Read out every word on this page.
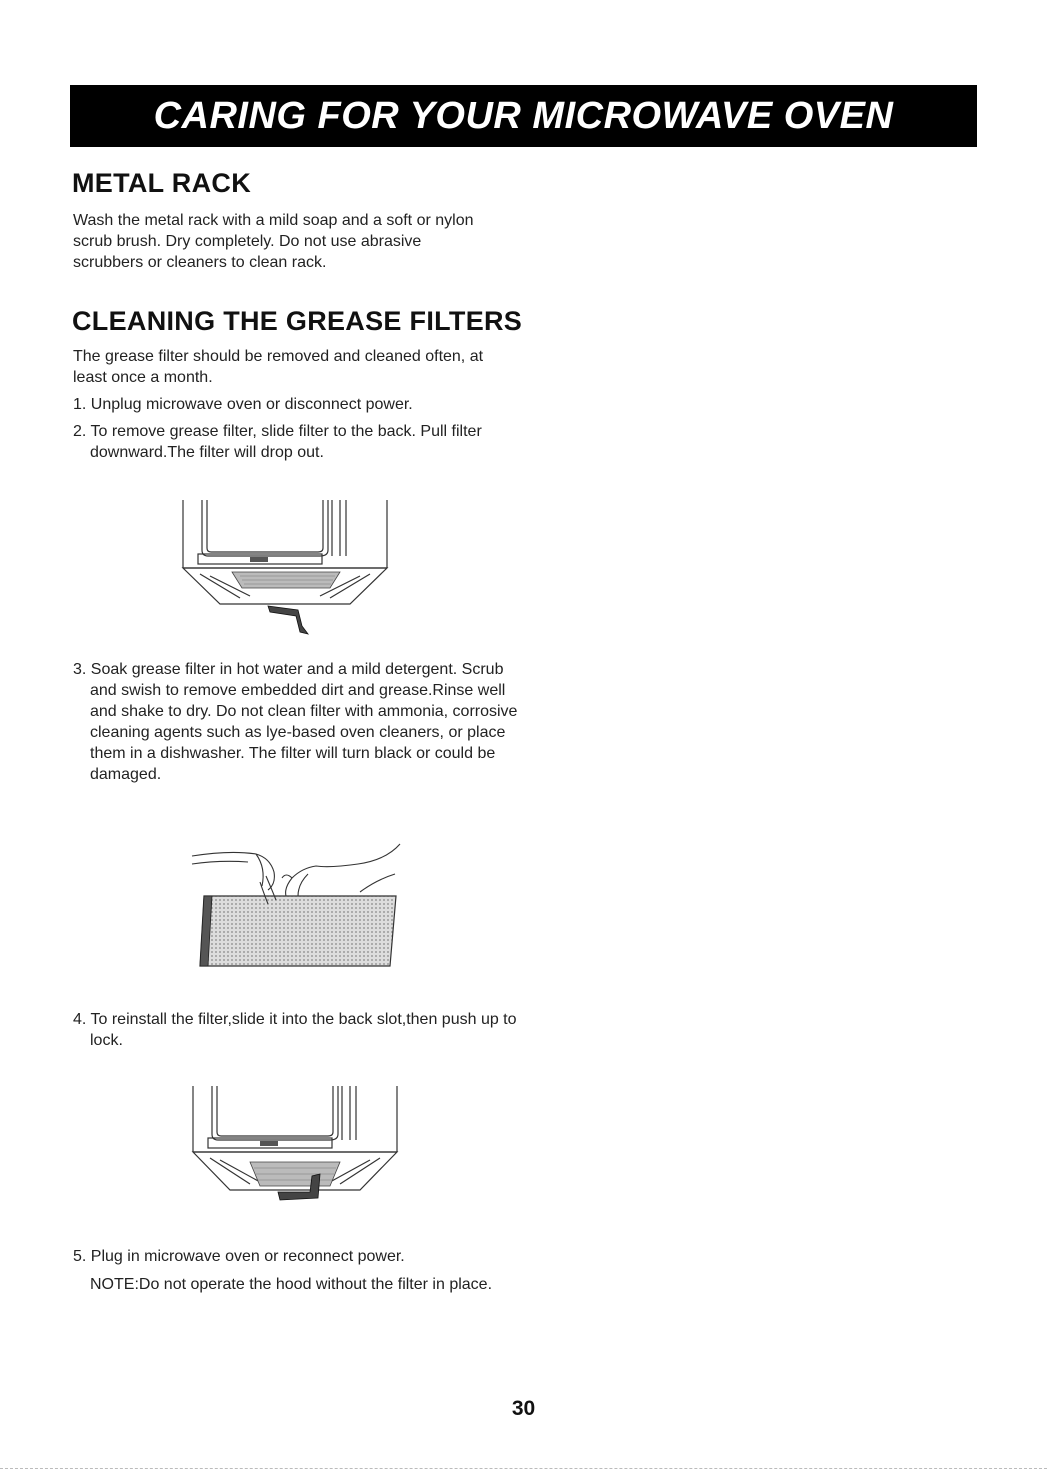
CARING FOR YOUR MICROWAVE OVEN
METAL RACK

Wash the metal rack with a mild soap and a soft or nylon scrub brush. Dry completely. Do not use abrasive scrubbers or cleaners to clean rack.

CLEANING THE GREASE FILTERS

The grease filter should be removed and cleaned often, at least once a month.

1. Unplug microwave oven or disconnect power.

2. To remove grease filter, slide filter to the back. Pull filter downward.The filter will drop out.

3. Soak grease filter in hot water and a mild detergent. Scrub and swish to remove embedded dirt and grease.Rinse well and shake to dry. Do not clean filter with ammonia, corrosive cleaning agents such as lye-based oven cleaners, or place them in a dishwasher. The filter will turn black or could be damaged.

4. To reinstall the filter,slide it into the back slot,then push up to lock.

5. Plug in microwave oven or reconnect power.

NOTE:Do not operate the hood without the filter in place.

30
